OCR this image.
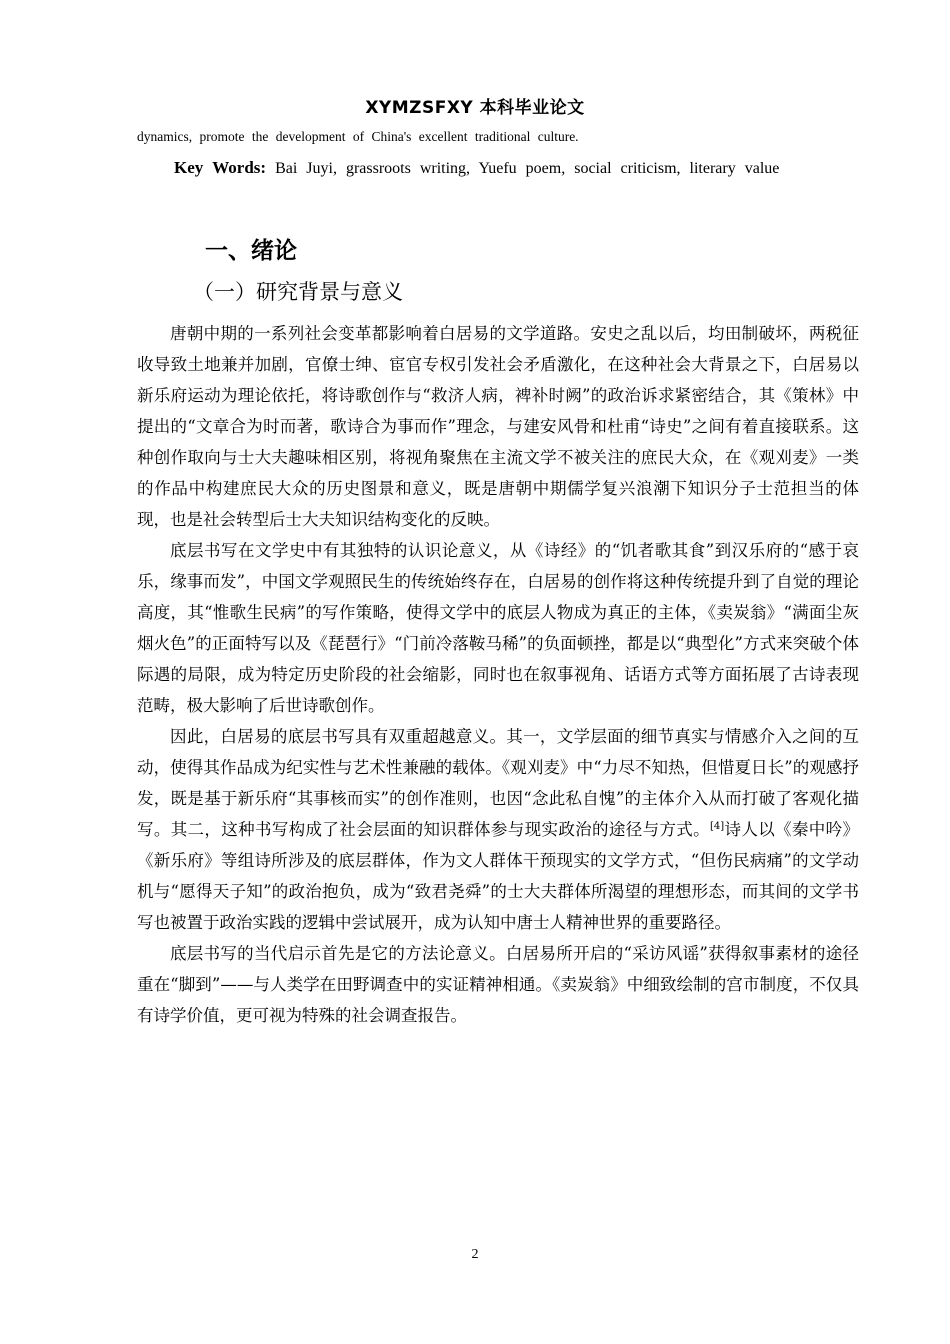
XYMZSFXY 本科毕业论文
dynamics, promote the development of China's excellent traditional culture.
Key Words: Bai Juyi, grassroots writing, Yuefu poem, social criticism, literary value
一、绪论
（一）研究背景与意义

唐朝中期的一系列社会变革都影响着白居易的文学道路。安史之乱以后，均田制破坏，两税征收导致土地兼并加剧，官僚士绅、宦官专权引发社会矛盾激化，在这种社会大背景之下，白居易以新乐府运动为理论依托，将诗歌创作与“救济人病，裨补时阙”的政治诉求紧密结合，其《策林》中提出的“文章合为时而著，歌诗合为事而作”理念，与建安风骨和杜甫“诗史”之间有着直接联系。这种创作取向与士大夫趣味相区别，将视角聚焦在主流文学不被关注的庶民大众，在《观刈麦》一类的作品中构建庶民大众的历史图景和意义，既是唐朝中期儒学复兴浪潮下知识分子士范担当的体现，也是社会转型后士大夫知识结构变化的反映。

底层书写在文学史中有其独特的认识论意义，从《诗经》的“饥者歌其食”到汉乐府的“感于哀乐，缘事而发”，中国文学观照民生的传统始终存在，白居易的创作将这种传统提升到了自觉的理论高度，其“惟歌生民病”的写作策略，使得文学中的底层人物成为真正的主体，《卖炭翁》“满面尘灰烟火色”的正面特写以及《琵琶行》“门前冷落鞍马稀”的负面顿挫，都是以“典型化”方式来突破个体际遇的局限，成为特定历史阶段的社会缩影，同时也在叙事视角、话语方式等方面拓展了古诗表现范畴，极大影响了后世诗歌创作。

因此，白居易的底层书写具有双重超越意义。其一，文学层面的细节真实与情感介入之间的互动，使得其作品成为纪实性与艺术性兼融的载体。《观刈麦》中“力尽不知热，但惜夏日长”的观感抒发，既是基于新乐府“其事核而实”的创作准则，也因“念此私自愧”的主体介入从而打破了客观化描写。其二，这种书写构成了社会层面的知识群体参与现实政治的途径与方式。[4]诗人以《秦中吟》《新乐府》等组诗所涉及的底层群体，作为文人群体干预现实的文学方式，“但伤民病痛”的文学动机与“愿得天子知”的政治抱负，成为“致君尧舜”的士大夫群体所渴望的理想形态，而其间的文学书写也被置于政治实践的逻辑中尝试展开，成为认知中唐士人精神世界的重要路径。

底层书写的当代启示首先是它的方法论意义。白居易所开启的“采访风谣”获得叙事素材的途径重在“脚到”——与人类学在田野调查中的实证精神相通。《卖炭翁》中细致绘制的宫市制度，不仅具有诗学价值，更可视为特殊的社会调查报告。

2
